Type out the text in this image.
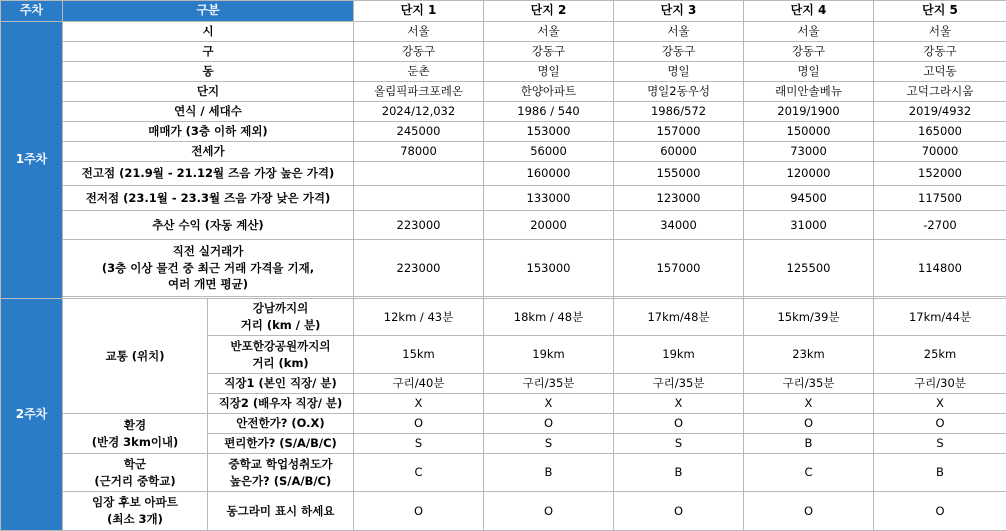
주차	구분		단지 1	단지 2	단지 3	단지 4	단지 5
1주차	시		서울	서울	서울	서울	서울
	구		강동구	강동구	강동구	강동구	강동구
	동		둔촌	명일	명일	명일	고덕동
	단지		올림픽파크포레온	한양아파트	명일2동우성	래미안솔베뉴	고덕그라시움
	연식 / 세대수		2024/12,032	1986 / 540	1986/572	2019/1900	2019/4932
	매매가 (3층 이하 제외)		245000	153000	157000	150000	165000
	전세가		78000	56000	60000	73000	70000
	전고점 (21.9월 - 21.12월 즈음 가장 높은 가격)			160000	155000	120000	152000
	전저점 (23.1월 - 23.3월 즈음 가장 낮은 가격)			133000	123000	94500	117500
	추산 수익 (자동 계산)		223000	20000	34000	31000	-2700
	직전 실거래가
(3층 이상 물건 중 최근 거래 가격을 기재,
여러 개면 평균)		223000	153000	157000	125500	114800

2주차	교통 (위치)	강남까지의
거리 (km / 분)	12km / 43분	18km / 48분	17km/48분	15km/39분	17km/44분
		반포한강공원까지의
거리 (km)	15km	19km	19km	23km	25km
		직장1 (본인 직장/ 분)	구리/40분	구리/35분	구리/35분	구리/35분	구리/30분
		직장2 (배우자 직장/ 분)	X	X	X	X	X
	환경
(반경 3km이내)	안전한가? (O.X)	O	O	O	O	O
		편리한가? (S/A/B/C)	S	S	S	B	S
	학군
(근거리 중학교)	중학교 학업성취도가
높은가? (S/A/B/C)	C	B	B	C	B
	임장 후보 아파트
(최소 3개)	동그라미 표시 하세요	O	O	O	O	O
